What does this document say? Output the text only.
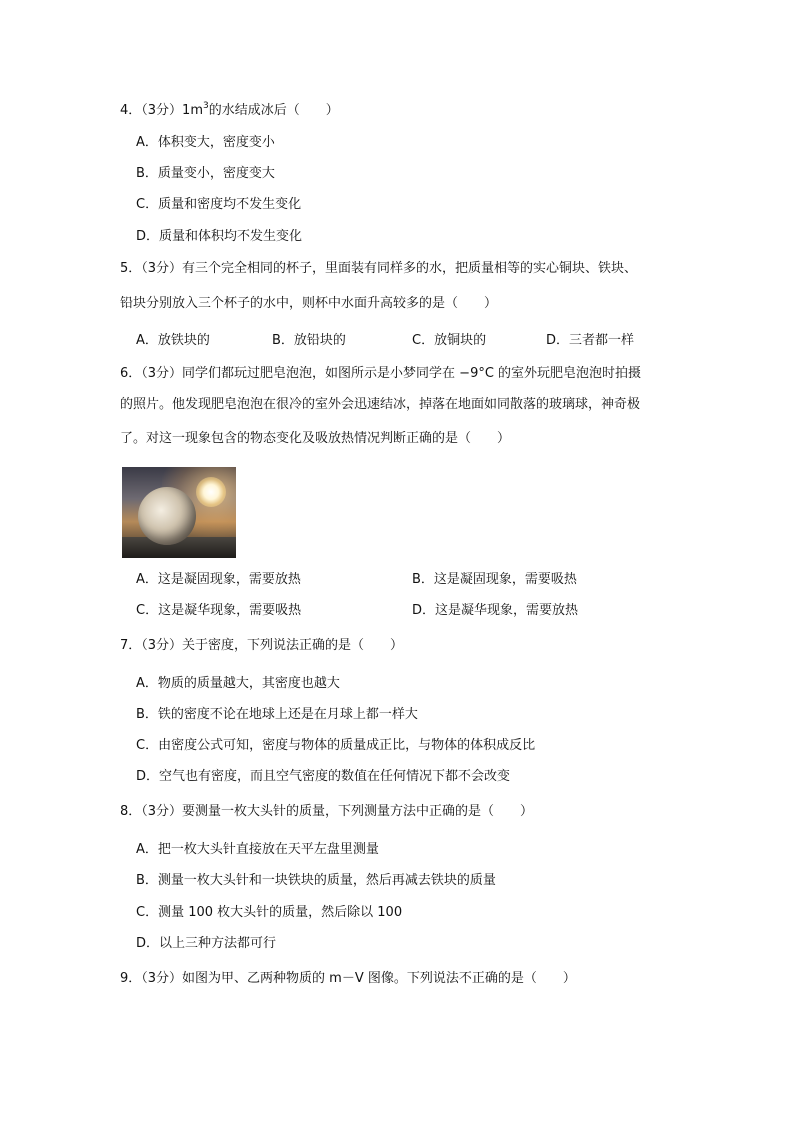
4．（3分）$1m^3$的水结成冰后（　　）
A．体积变大，密度变小
B．质量变小，密度变大
C．质量和密度均不发生变化
D．质量和体积均不发生变化
5．（3分）有三个完全相同的杯子，里面装有同样多的水，把质量相等的实心铜块、铁块、
铅块分别放入三个杯子的水中，则杯中水面升高较多的是（　　）
A．放铁块的	B．放铅块的	C．放铜块的	D．三者都一样
6．（3分）同学们都玩过肥皂泡泡，如图所示是小梦同学在 −9°C 的室外玩肥皂泡泡时拍摄
的照片。他发现肥皂泡泡在很冷的室外会迅速结冰，掉落在地面如同散落的玻璃球，神奇极
了。对这一现象包含的物态变化及吸放热情况判断正确的是（　　）
A．这是凝固现象，需要放热	B．这是凝固现象，需要吸热
C．这是凝华现象，需要吸热	D．这是凝华现象，需要放热
7．（3分）关于密度，下列说法正确的是（　　）
A．物质的质量越大，其密度也越大
B．铁的密度不论在地球上还是在月球上都一样大
C．由密度公式可知，密度与物体的质量成正比，与物体的体积成反比
D．空气也有密度，而且空气密度的数值在任何情况下都不会改变
8．（3分）要测量一枚大头针的质量，下列测量方法中正确的是（　　）
A．把一枚大头针直接放在天平左盘里测量
B．测量一枚大头针和一块铁块的质量，然后再减去铁块的质量
C．测量 100 枚大头针的质量，然后除以 100
D．以上三种方法都可行
9．（3分）如图为甲、乙两种物质的 m－V 图像。下列说法不正确的是（　　）
